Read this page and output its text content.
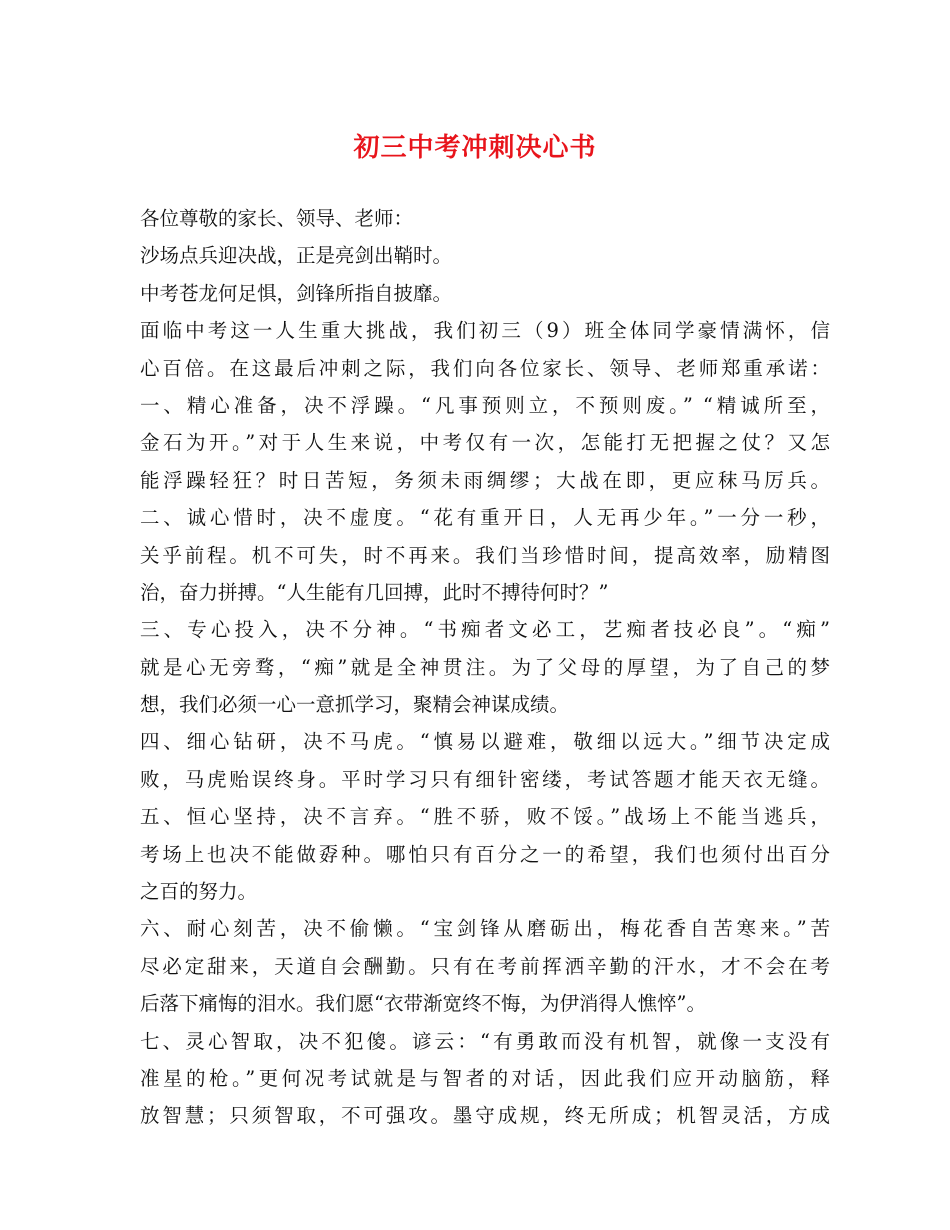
初三中考冲刺决心书
各位尊敬的家长、领导、老师：
沙场点兵迎决战，正是亮剑出鞘时。
中考苍龙何足惧，剑锋所指自披靡。
面临中考这一人生重大挑战，我们初三（9）班全体同学豪情满怀，信
心百倍。在这最后冲刺之际，我们向各位家长、领导、老师郑重承诺：
一、精心准备，决不浮躁。“凡事预则立，不预则废。” “精诚所至，
金石为开。”对于人生来说，中考仅有一次，怎能打无把握之仗？又怎
能浮躁轻狂？时日苦短，务须未雨绸缪；大战在即，更应秣马厉兵。
二、诚心惜时，决不虚度。“花有重开日，人无再少年。”一分一秒，
关乎前程。机不可失，时不再来。我们当珍惜时间，提高效率，励精图
治，奋力拼搏。“人生能有几回搏，此时不搏待何时？”
三、专心投入，决不分神。“书痴者文必工，艺痴者技必良”。“痴”
就是心无旁骛，“痴”就是全神贯注。为了父母的厚望，为了自己的梦
想，我们必须一心一意抓学习，聚精会神谋成绩。
四、细心钻研，决不马虎。“慎易以避难，敬细以远大。”细节决定成
败，马虎贻误终身。平时学习只有细针密缕，考试答题才能天衣无缝。
五、恒心坚持，决不言弃。“胜不骄，败不馁。”战场上不能当逃兵，
考场上也决不能做孬种。哪怕只有百分之一的希望，我们也须付出百分
之百的努力。
六、耐心刻苦，决不偷懒。“宝剑锋从磨砺出，梅花香自苦寒来。”苦
尽必定甜来，天道自会酬勤。只有在考前挥洒辛勤的汗水，才不会在考
后落下痛悔的泪水。我们愿“衣带渐宽终不悔，为伊消得人憔悴”。
七、灵心智取，决不犯傻。谚云：“有勇敢而没有机智，就像一支没有
准星的枪。”更何况考试就是与智者的对话，因此我们应开动脑筋，释
放智慧；只须智取，不可强攻。墨守成规，终无所成；机智灵活，方成
